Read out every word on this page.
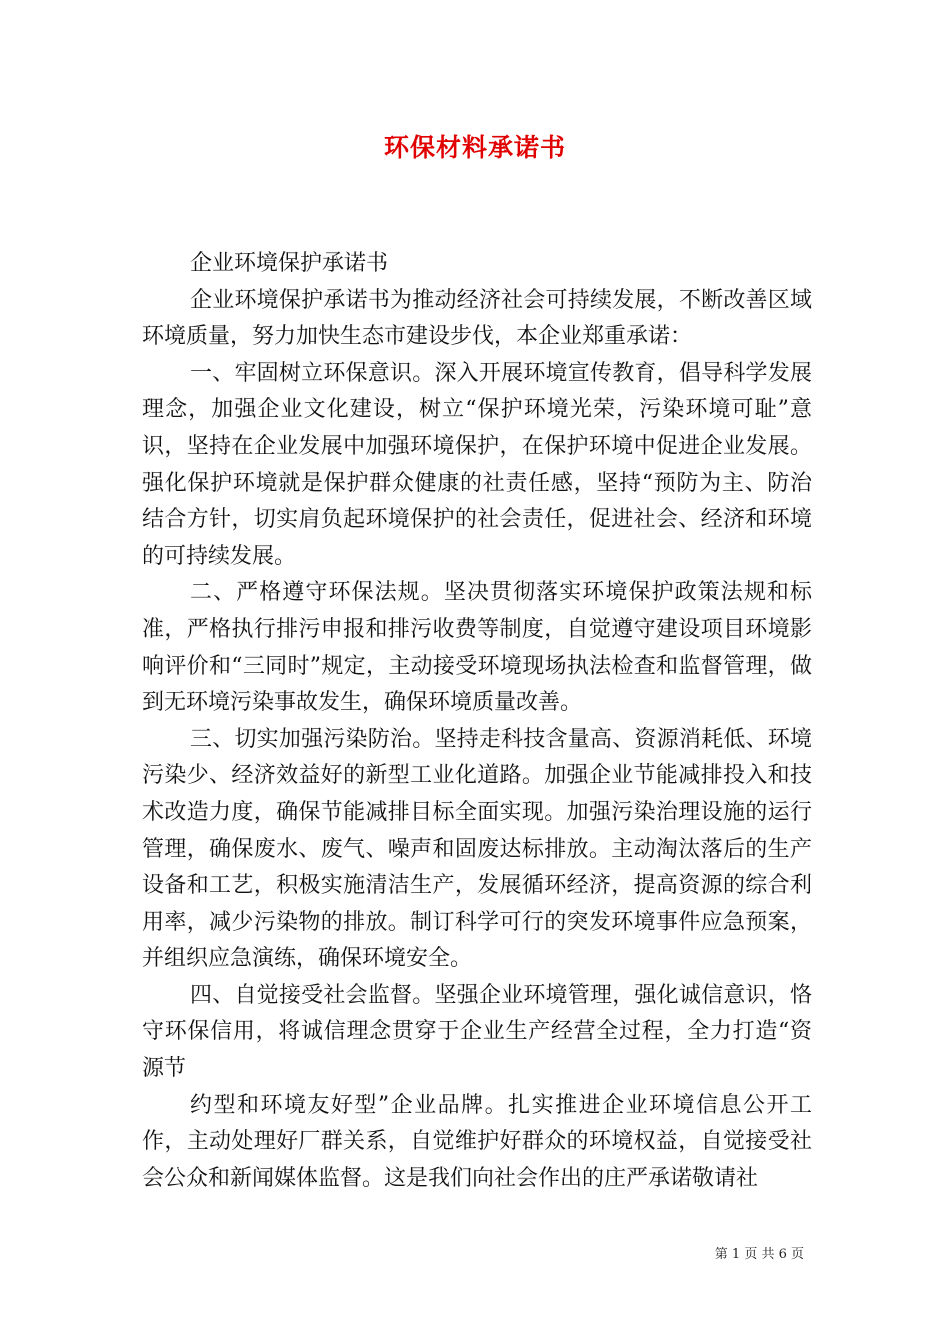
环保材料承诺书

企业环境保护承诺书

企业环境保护承诺书为推动经济社会可持续发展，不断改善区域环境质量，努力加快生态市建设步伐，本企业郑重承诺：

一、牢固树立环保意识。深入开展环境宣传教育，倡导科学发展理念，加强企业文化建设，树立“保护环境光荣，污染环境可耻”意识，坚持在企业发展中加强环境保护，在保护环境中促进企业发展。强化保护环境就是保护群众健康的社责任感，坚持“预防为主、防治结合方针，切实肩负起环境保护的社会责任，促进社会、经济和环境的可持续发展。

二、严格遵守环保法规。坚决贯彻落实环境保护政策法规和标准，严格执行排污申报和排污收费等制度，自觉遵守建设项目环境影响评价和“三同时”规定，主动接受环境现场执法检查和监督管理，做到无环境污染事故发生，确保环境质量改善。

三、切实加强污染防治。坚持走科技含量高、资源消耗低、环境污染少、经济效益好的新型工业化道路。加强企业节能减排投入和技术改造力度，确保节能减排目标全面实现。加强污染治理设施的运行管理，确保废水、废气、噪声和固废达标排放。主动淘汰落后的生产设备和工艺，积极实施清洁生产，发展循环经济，提高资源的综合利用率，减少污染物的排放。制订科学可行的突发环境事件应急预案，并组织应急演练，确保环境安全。

四、自觉接受社会监督。坚强企业环境管理，强化诚信意识，恪守环保信用，将诚信理念贯穿于企业生产经营全过程，全力打造“资源节

约型和环境友好型”企业品牌。扎实推进企业环境信息公开工作，主动处理好厂群关系，自觉维护好群众的环境权益，自觉接受社会公众和新闻媒体监督。这是我们向社会作出的庄严承诺敬请社

第 1 页 共 6 页
